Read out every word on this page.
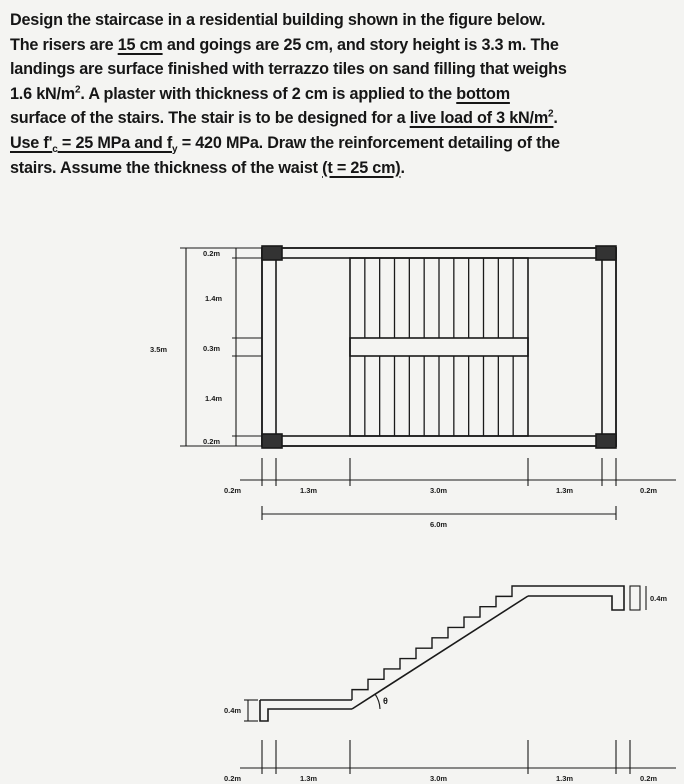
Design the staircase in a residential building shown in the figure below.
The risers are 15 cm and goings are 25 cm, and story height is 3.3 m. The
landings are surface finished with terrazzo tiles on sand filling that weighs
1.6 $kN/m^2$. A plaster with thickness of 2 cm is applied to the bottom
surface of the stairs. The stair is to be designed for a live load of 3 $kN/m^2$.
Use $f'_c = 25$ MPa and $f_y = 420$ MPa. Draw the reinforcement detailing of the
stairs. Assume the thickness of the waist (t = 25 cm).
3.5m
0.2m
1.4m
0.3m
1.4m
0.2m
0.2m	1.3m	3.0m	1.3m	0.2m
6.0m
θ
0.4m
0.4m
0.2m	1.3m	3.0m	1.3m	0.2m
